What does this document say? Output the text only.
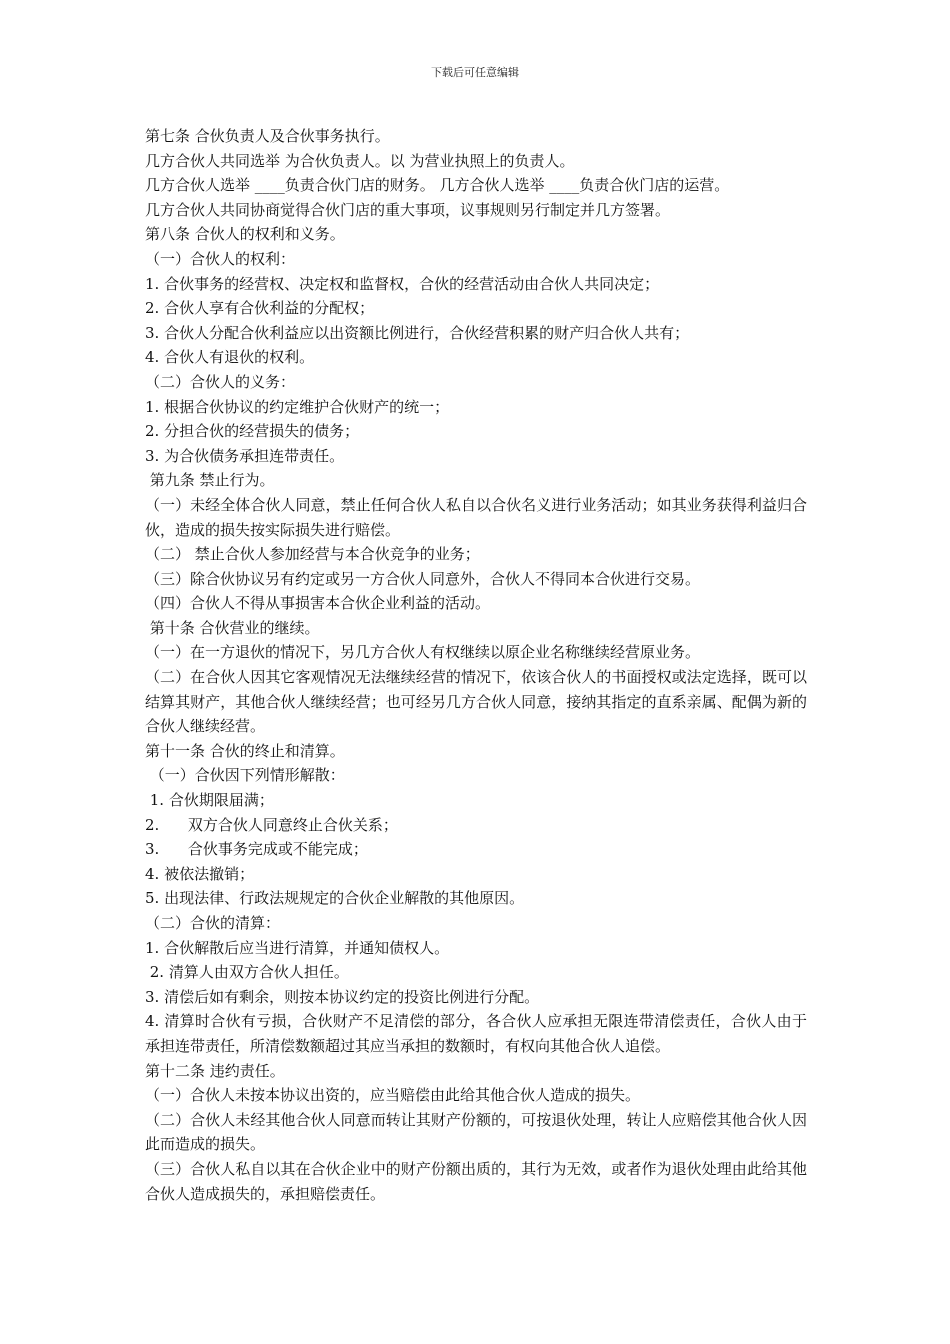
下载后可任意编辑
第七条 合伙负责人及合伙事务执行。
几方合伙人共同选举 为合伙负责人。以 为营业执照上的负责人。
几方合伙人选举 ____负责合伙门店的财务。 几方合伙人选举 ____负责合伙门店的运营。
几方合伙人共同协商觉得合伙门店的重大事项，议事规则另行制定并几方签署。
第八条 合伙人的权利和义务。
（一）合伙人的权利：
1. 合伙事务的经营权、决定权和监督权，合伙的经营活动由合伙人共同决定；
2. 合伙人享有合伙利益的分配权；
3. 合伙人分配合伙利益应以出资额比例进行，合伙经营积累的财产归合伙人共有；
4. 合伙人有退伙的权利。
（二）合伙人的义务：
1. 根据合伙协议的约定维护合伙财产的统一；
2. 分担合伙的经营损失的债务；
3. 为合伙债务承担连带责任。
第九条 禁止行为。
（一）未经全体合伙人同意，禁止任何合伙人私自以合伙名义进行业务活动；如其业务获得利益归合伙，造成的损失按实际损失进行赔偿。
（二） 禁止合伙人参加经营与本合伙竞争的业务；
（三）除合伙协议另有约定或另一方合伙人同意外，合伙人不得同本合伙进行交易。
（四）合伙人不得从事损害本合伙企业利益的活动。
第十条 合伙营业的继续。
（一）在一方退伙的情况下，另几方合伙人有权继续以原企业名称继续经营原业务。
（二）在合伙人因其它客观情况无法继续经营的情况下，依该合伙人的书面授权或法定选择，既可以结算其财产，其他合伙人继续经营；也可经另几方合伙人同意，接纳其指定的直系亲属、配偶为新的合伙人继续经营。
第十一条 合伙的终止和清算。
（一）合伙因下列情形解散：
1. 合伙期限届满；
2.      双方合伙人同意终止合伙关系；
3.      合伙事务完成或不能完成；
4. 被依法撤销；
5. 出现法律、行政法规规定的合伙企业解散的其他原因。
（二）合伙的清算：
1. 合伙解散后应当进行清算，并通知债权人。
2. 清算人由双方合伙人担任。
3. 清偿后如有剩余，则按本协议约定的投资比例进行分配。
4. 清算时合伙有亏损，合伙财产不足清偿的部分，各合伙人应承担无限连带清偿责任，合伙人由于承担连带责任，所清偿数额超过其应当承担的数额时，有权向其他合伙人追偿。
第十二条 违约责任。
（一）合伙人未按本协议出资的，应当赔偿由此给其他合伙人造成的损失。
（二）合伙人未经其他合伙人同意而转让其财产份额的，可按退伙处理，转让人应赔偿其他合伙人因此而造成的损失。
（三）合伙人私自以其在合伙企业中的财产份额出质的，其行为无效，或者作为退伙处理由此给其他合伙人造成损失的，承担赔偿责任。
